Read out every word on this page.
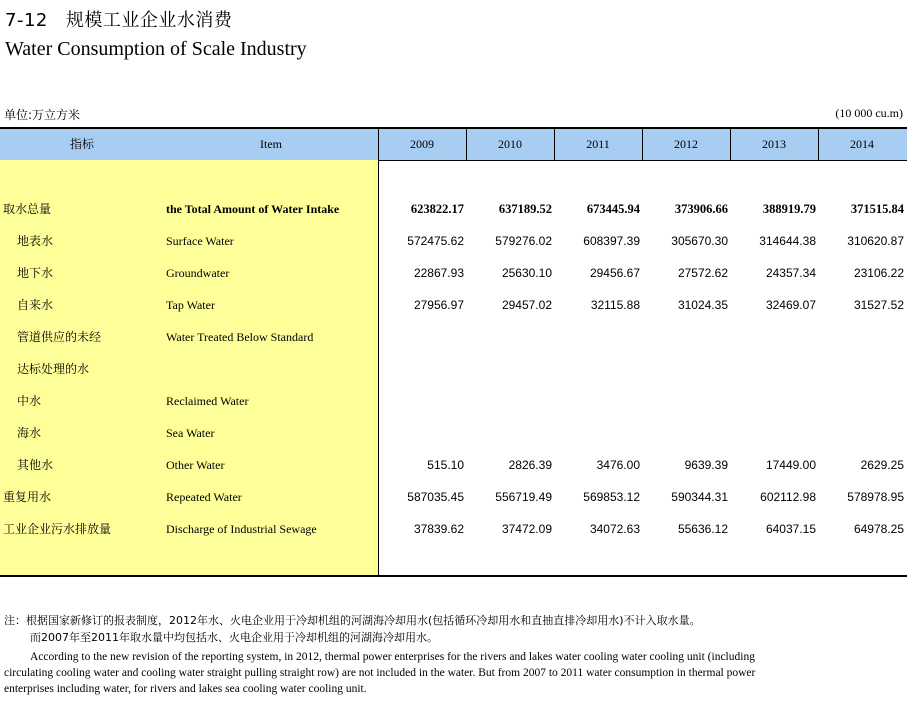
7-12 规模工业企业水消费
Water Consumption of Scale Industry
单位:万立方米	(10 000 cu.m)
指标	Item	2009	2010	2011	2012	2013	2014
取水总量	the Total Amount of Water Intake	623822.17	637189.52	673445.94	373906.66	388919.79	371515.84
地表水	Surface Water	572475.62	579276.02	608397.39	305670.30	314644.38	310620.87
地下水	Groundwater	22867.93	25630.10	29456.67	27572.62	24357.34	23106.22
自来水	Tap Water	27956.97	29457.02	32115.88	31024.35	32469.07	31527.52
管道供应的未经	Water Treated Below Standard
达标处理的水
中水	Reclaimed Water
海水	Sea Water
其他水	Other Water	515.10	2826.39	3476.00	9639.39	17449.00	2629.25
重复用水	Repeated Water	587035.45	556719.49	569853.12	590344.31	602112.98	578978.95
工业企业污水排放量	Discharge of Industrial Sewage	37839.62	37472.09	34072.63	55636.12	64037.15	64978.25
注：根据国家新修订的报表制度，2012年水、火电企业用于冷却机组的河湖海冷却用水(包括循环冷却用水和直抽直排冷却用水)不计入取水量。
而2007年至2011年取水量中均包括水、火电企业用于冷却机组的河湖海冷却用水。
According to the new revision of the reporting system, in 2012, thermal power enterprises for the rivers and lakes water cooling water cooling unit (including
circulating cooling water and cooling water straight pulling straight row) are not included in the water. But from 2007 to 2011 water consumption in thermal power
enterprises including water, for rivers and lakes sea cooling water cooling unit.
